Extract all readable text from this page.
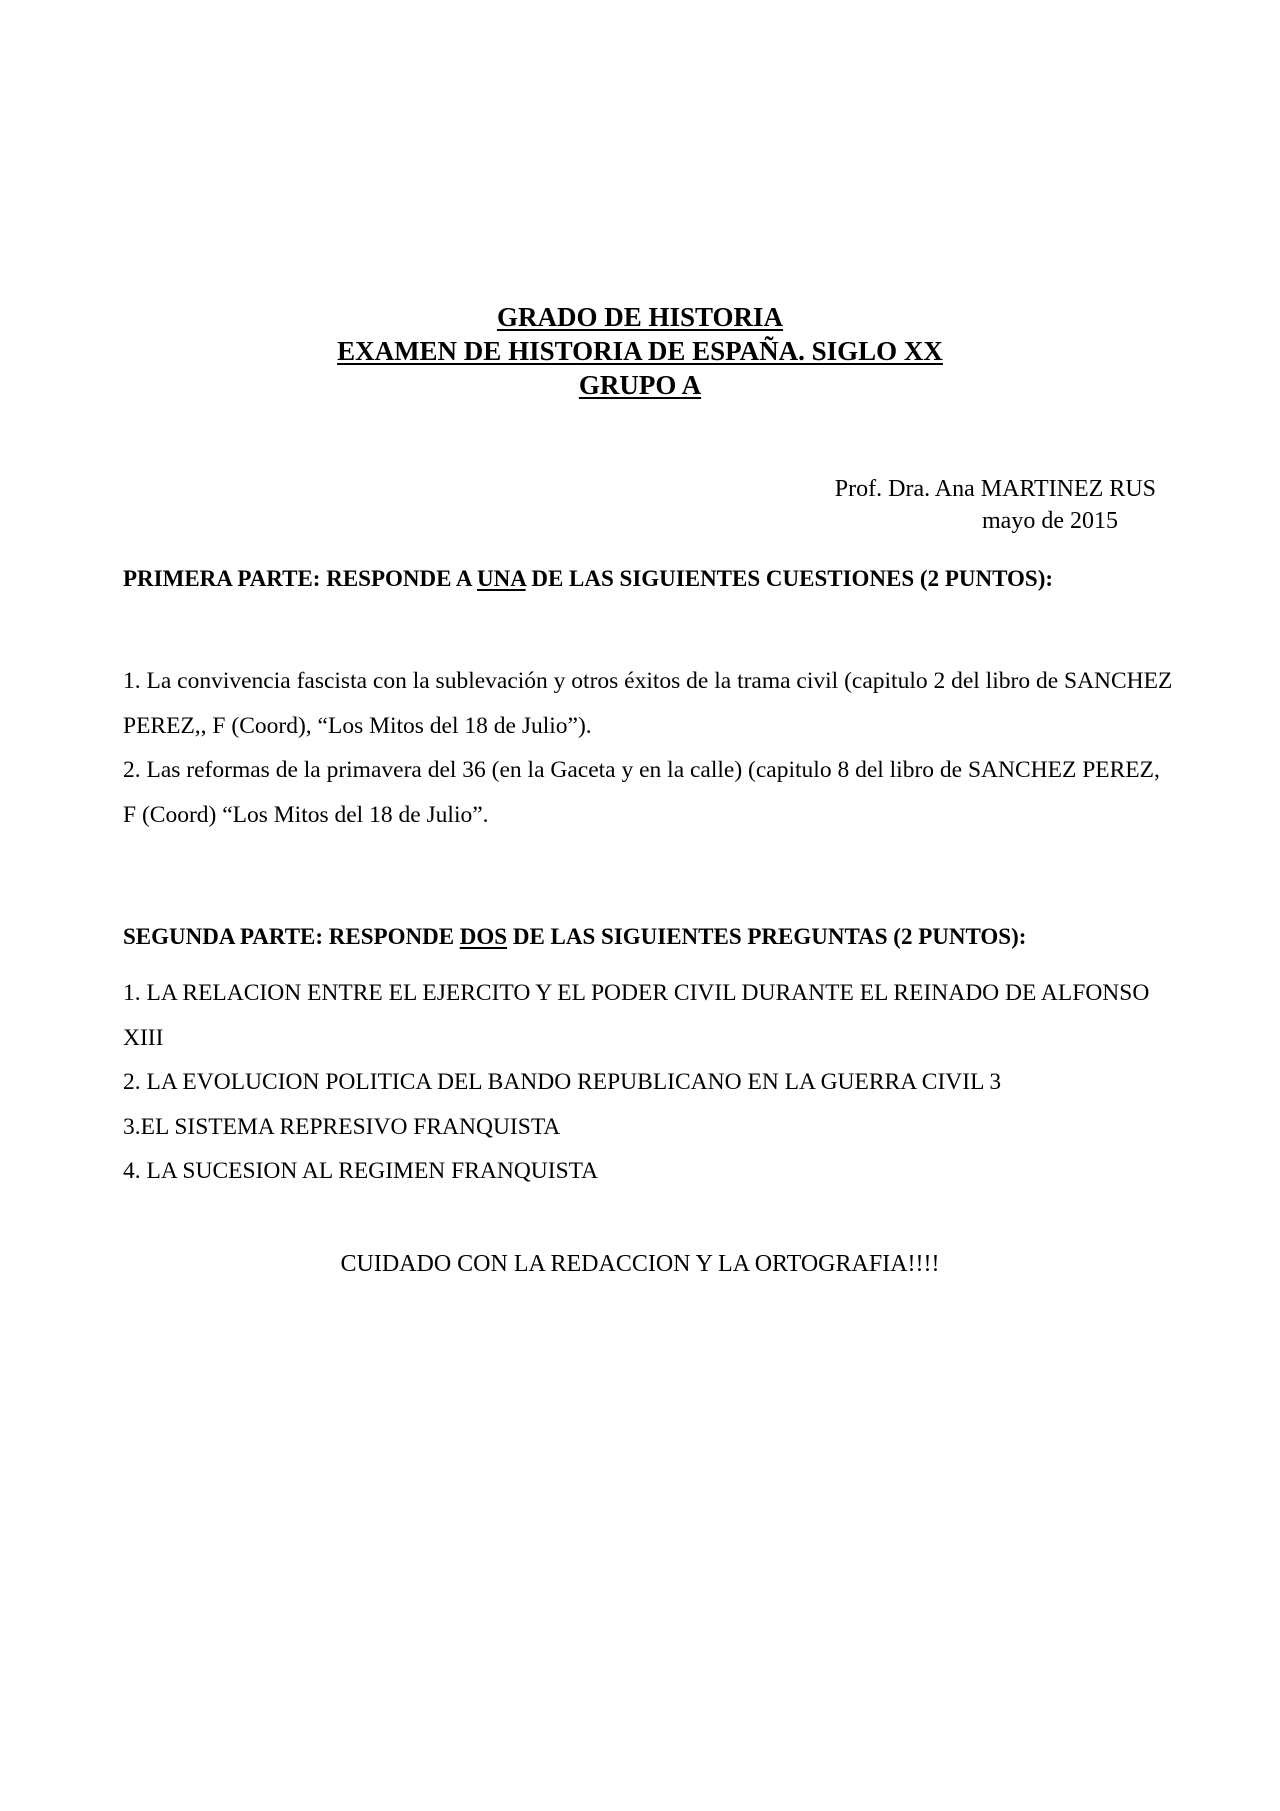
GRADO DE HISTORIA
EXAMEN DE HISTORIA DE ESPAÑA. SIGLO XX
GRUPO A
Prof. Dra. Ana MARTINEZ RUS
mayo de 2015
PRIMERA PARTE: RESPONDE A UNA DE LAS SIGUIENTES CUESTIONES (2 PUNTOS):
1. La convivencia fascista con la sublevación y otros éxitos de la trama civil (capitulo 2 del libro de SANCHEZ PEREZ,, F (Coord), “Los Mitos del 18 de Julio”).
2. Las reformas de la primavera del 36 (en la Gaceta y en la calle) (capitulo 8 del libro de SANCHEZ PEREZ, F (Coord) “Los Mitos del 18 de Julio”.
SEGUNDA PARTE: RESPONDE DOS DE LAS SIGUIENTES PREGUNTAS (2 PUNTOS):
1. LA RELACION ENTRE EL EJERCITO Y EL PODER CIVIL DURANTE EL REINADO DE ALFONSO XIII
2. LA EVOLUCION POLITICA DEL BANDO REPUBLICANO EN LA GUERRA CIVIL 3
3.EL SISTEMA REPRESIVO FRANQUISTA
4. LA SUCESION AL REGIMEN FRANQUISTA
CUIDADO CON LA REDACCION Y LA ORTOGRAFIA!!!!
